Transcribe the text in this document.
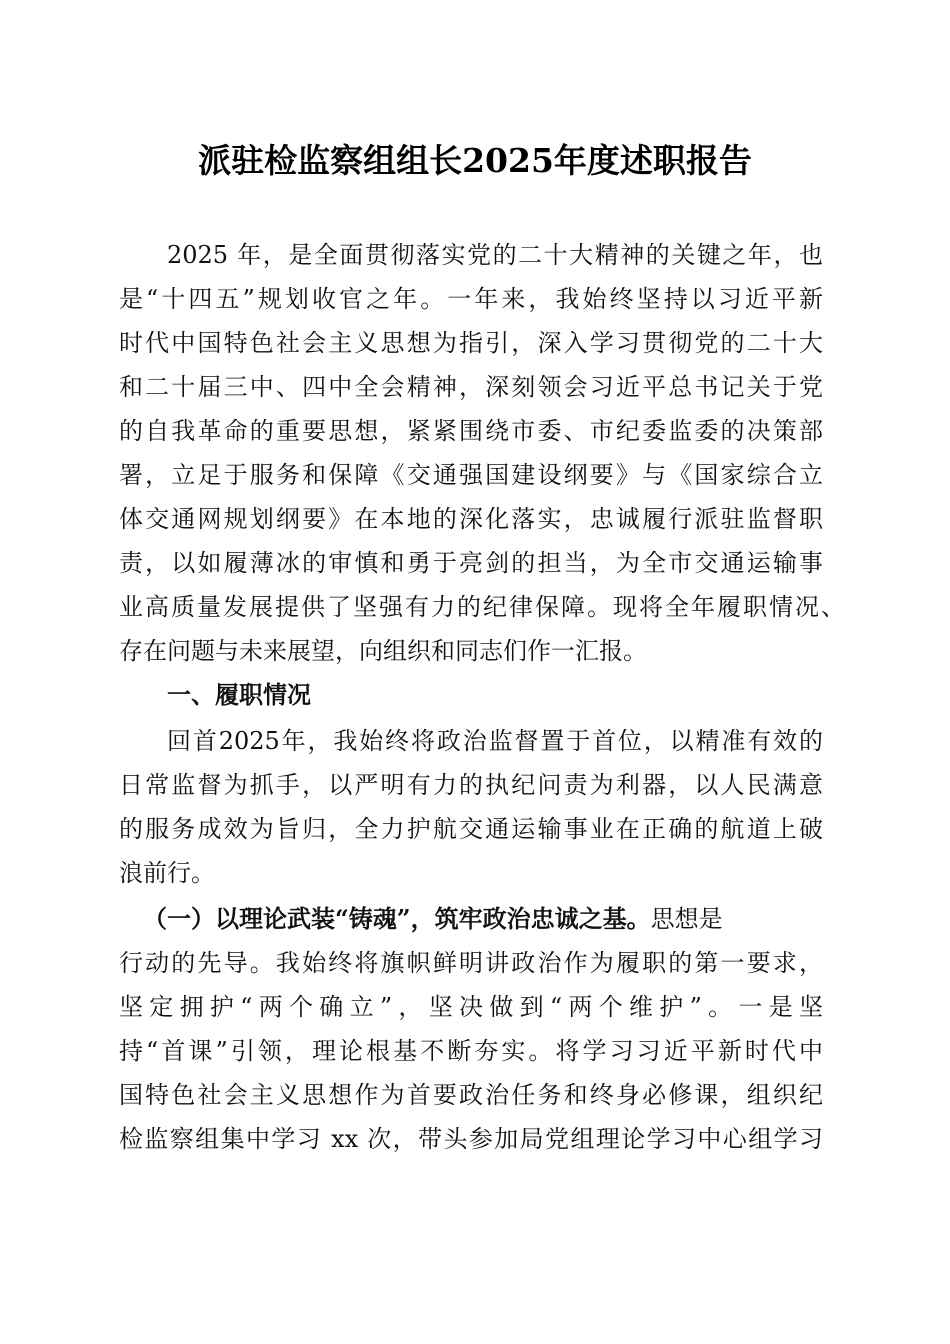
派驻检监察组组长2025年度述职报告
2025 年，是全面贯彻落实党的二十大精神的关键之年，也
是“十四五”规划收官之年。一年来，我始终坚持以习近平新
时代中国特色社会主义思想为指引，深入学习贯彻党的二十大
和二十届三中、四中全会精神，深刻领会习近平总书记关于党
的自我革命的重要思想，紧紧围绕市委、市纪委监委的决策部
署，立足于服务和保障《交通强国建设纲要》与《国家综合立
体交通网规划纲要》在本地的深化落实，忠诚履行派驻监督职
责，以如履薄冰的审慎和勇于亮剑的担当，为全市交通运输事
业高质量发展提供了坚强有力的纪律保障。现将全年履职情况、
存在问题与未来展望，向组织和同志们作一汇报。
一、履职情况
回首2025年，我始终将政治监督置于首位，以精准有效的
日常监督为抓手，以严明有力的执纪问责为利器，以人民满意
的服务成效为旨归，全力护航交通运输事业在正确的航道上破
浪前行。
（一）以理论武装“铸魂”，筑牢政治忠诚之基。思想是
行动的先导。我始终将旗帜鲜明讲政治作为履职的第一要求，
坚定拥护“两个确立”，坚决做到“两个维护”。一是坚
持“首课”引领，理论根基不断夯实。将学习习近平新时代中
国特色社会主义思想作为首要政治任务和终身必修课，组织纪
检监察组集中学习 xx 次，带头参加局党组理论学习中心组学习
